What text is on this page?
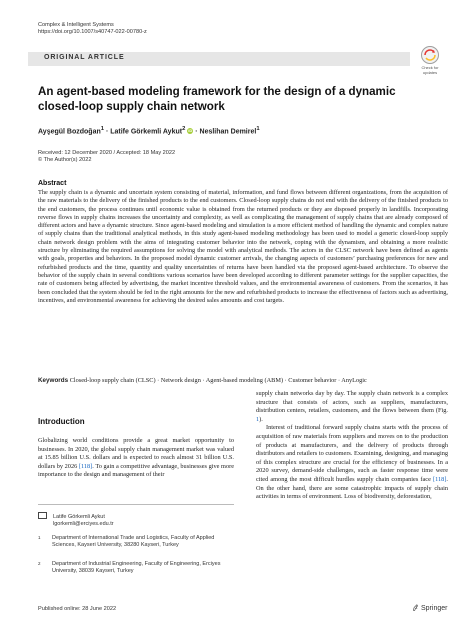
Complex & Intelligent Systems
https://doi.org/10.1007/s40747-022-00780-z
ORIGINAL ARTICLE
Check for
updates
An agent-based modeling framework for the design of a dynamic
closed-loop supply chain network
Ayşegül Bozdoğan$^1$ · Latife Görkemli Aykut$^2$ iD · Neslihan Demirel$^1$
Received: 12 December 2020 / Accepted: 18 May 2022
© The Author(s) 2022
Abstract
The supply chain is a dynamic and uncertain system consisting of material, information, and fund flows between different organizations, from the acquisition of the raw materials to the delivery of the finished products to the end customers. Closed-loop supply chains do not end with the delivery of the finished products to the end customers, the process continues until economic value is obtained from the returned products or they are disposed properly in landfills. Incorporating reverse flows in supply chains increases the uncertainty and complexity, as well as complicating the management of supply chains that are already composed of different actors and have a dynamic structure. Since agent-based modeling and simulation is a more efficient method of handling the dynamic and complex nature of supply chains than the traditional analytical methods, in this study agent-based modeling methodology has been used to model a generic closed-loop supply chain network design problem with the aims of integrating customer behavior into the network, coping with the dynamism, and obtaining a more realistic structure by eliminating the required assumptions for solving the model with analytical methods. The actors in the CLSC network have been defined as agents with goals, properties and behaviors. In the proposed model dynamic customer arrivals, the changing aspects of customers’ purchasing preferences for new and refurbished products and the time, quantity and quality uncertainties of returns have been handled via the proposed agent-based architecture. To observe the behavior of the supply chain in several conditions various scenarios have been developed according to different parameter settings for the supplier capacities, the rate of customers being affected by advertising, the market incentive threshold values, and the environmental awareness of customers. From the scenarios, it has been concluded that the system should be fed in the right amounts for the new and refurbished products to increase the effectiveness of factors such as advertising, incentives, and environmental awareness for achieving the desired sales amounts and cost targets.
Keywords Closed-loop supply chain (CLSC) · Network design · Agent-based modeling (ABM) · Customer behavior · AnyLogic
Introduction
Globalizing world conditions provide a great market opportunity to businesses. In 2020, the global supply chain management market was valued at 15.85 billion U.S. dollars and is expected to reach almost 31 billion U.S. dollars by 2026 [118]. To gain a competitive advantage, businesses give more importance to the design and management of their
Latife Görkemli Aykut
lgorkemli@erciyes.edu.tr
1	Department of International Trade and Logistics, Faculty of Applied Sciences, Kayseri University, 38280 Kayseri, Turkey
2	Department of Industrial Engineering, Faculty of Engineering, Erciyes University, 38039 Kayseri, Turkey

supply chain networks day by day. The supply chain network is a complex structure that consists of actors, such as suppliers, manufacturers, distribution centers, retailers, customers, and the flows between them (Fig. 1).

Interest of traditional forward supply chains starts with the process of acquisition of raw materials from suppliers and moves on to the production of products at manufacturers, and the delivery of products through distributors and retailers to customers. Examining, designing, and managing of this complex structure are crucial for the efficiency of businesses. In a 2020 survey, demand-side challenges, such as faster response time were cited among the most difficult hurdles supply chain companies face [118]. On the other hand, there are some catastrophic impacts of supply chain activities in terms of environment. Loss of biodiversity, deforestation,

Published online: 28 June 2022	Springer
